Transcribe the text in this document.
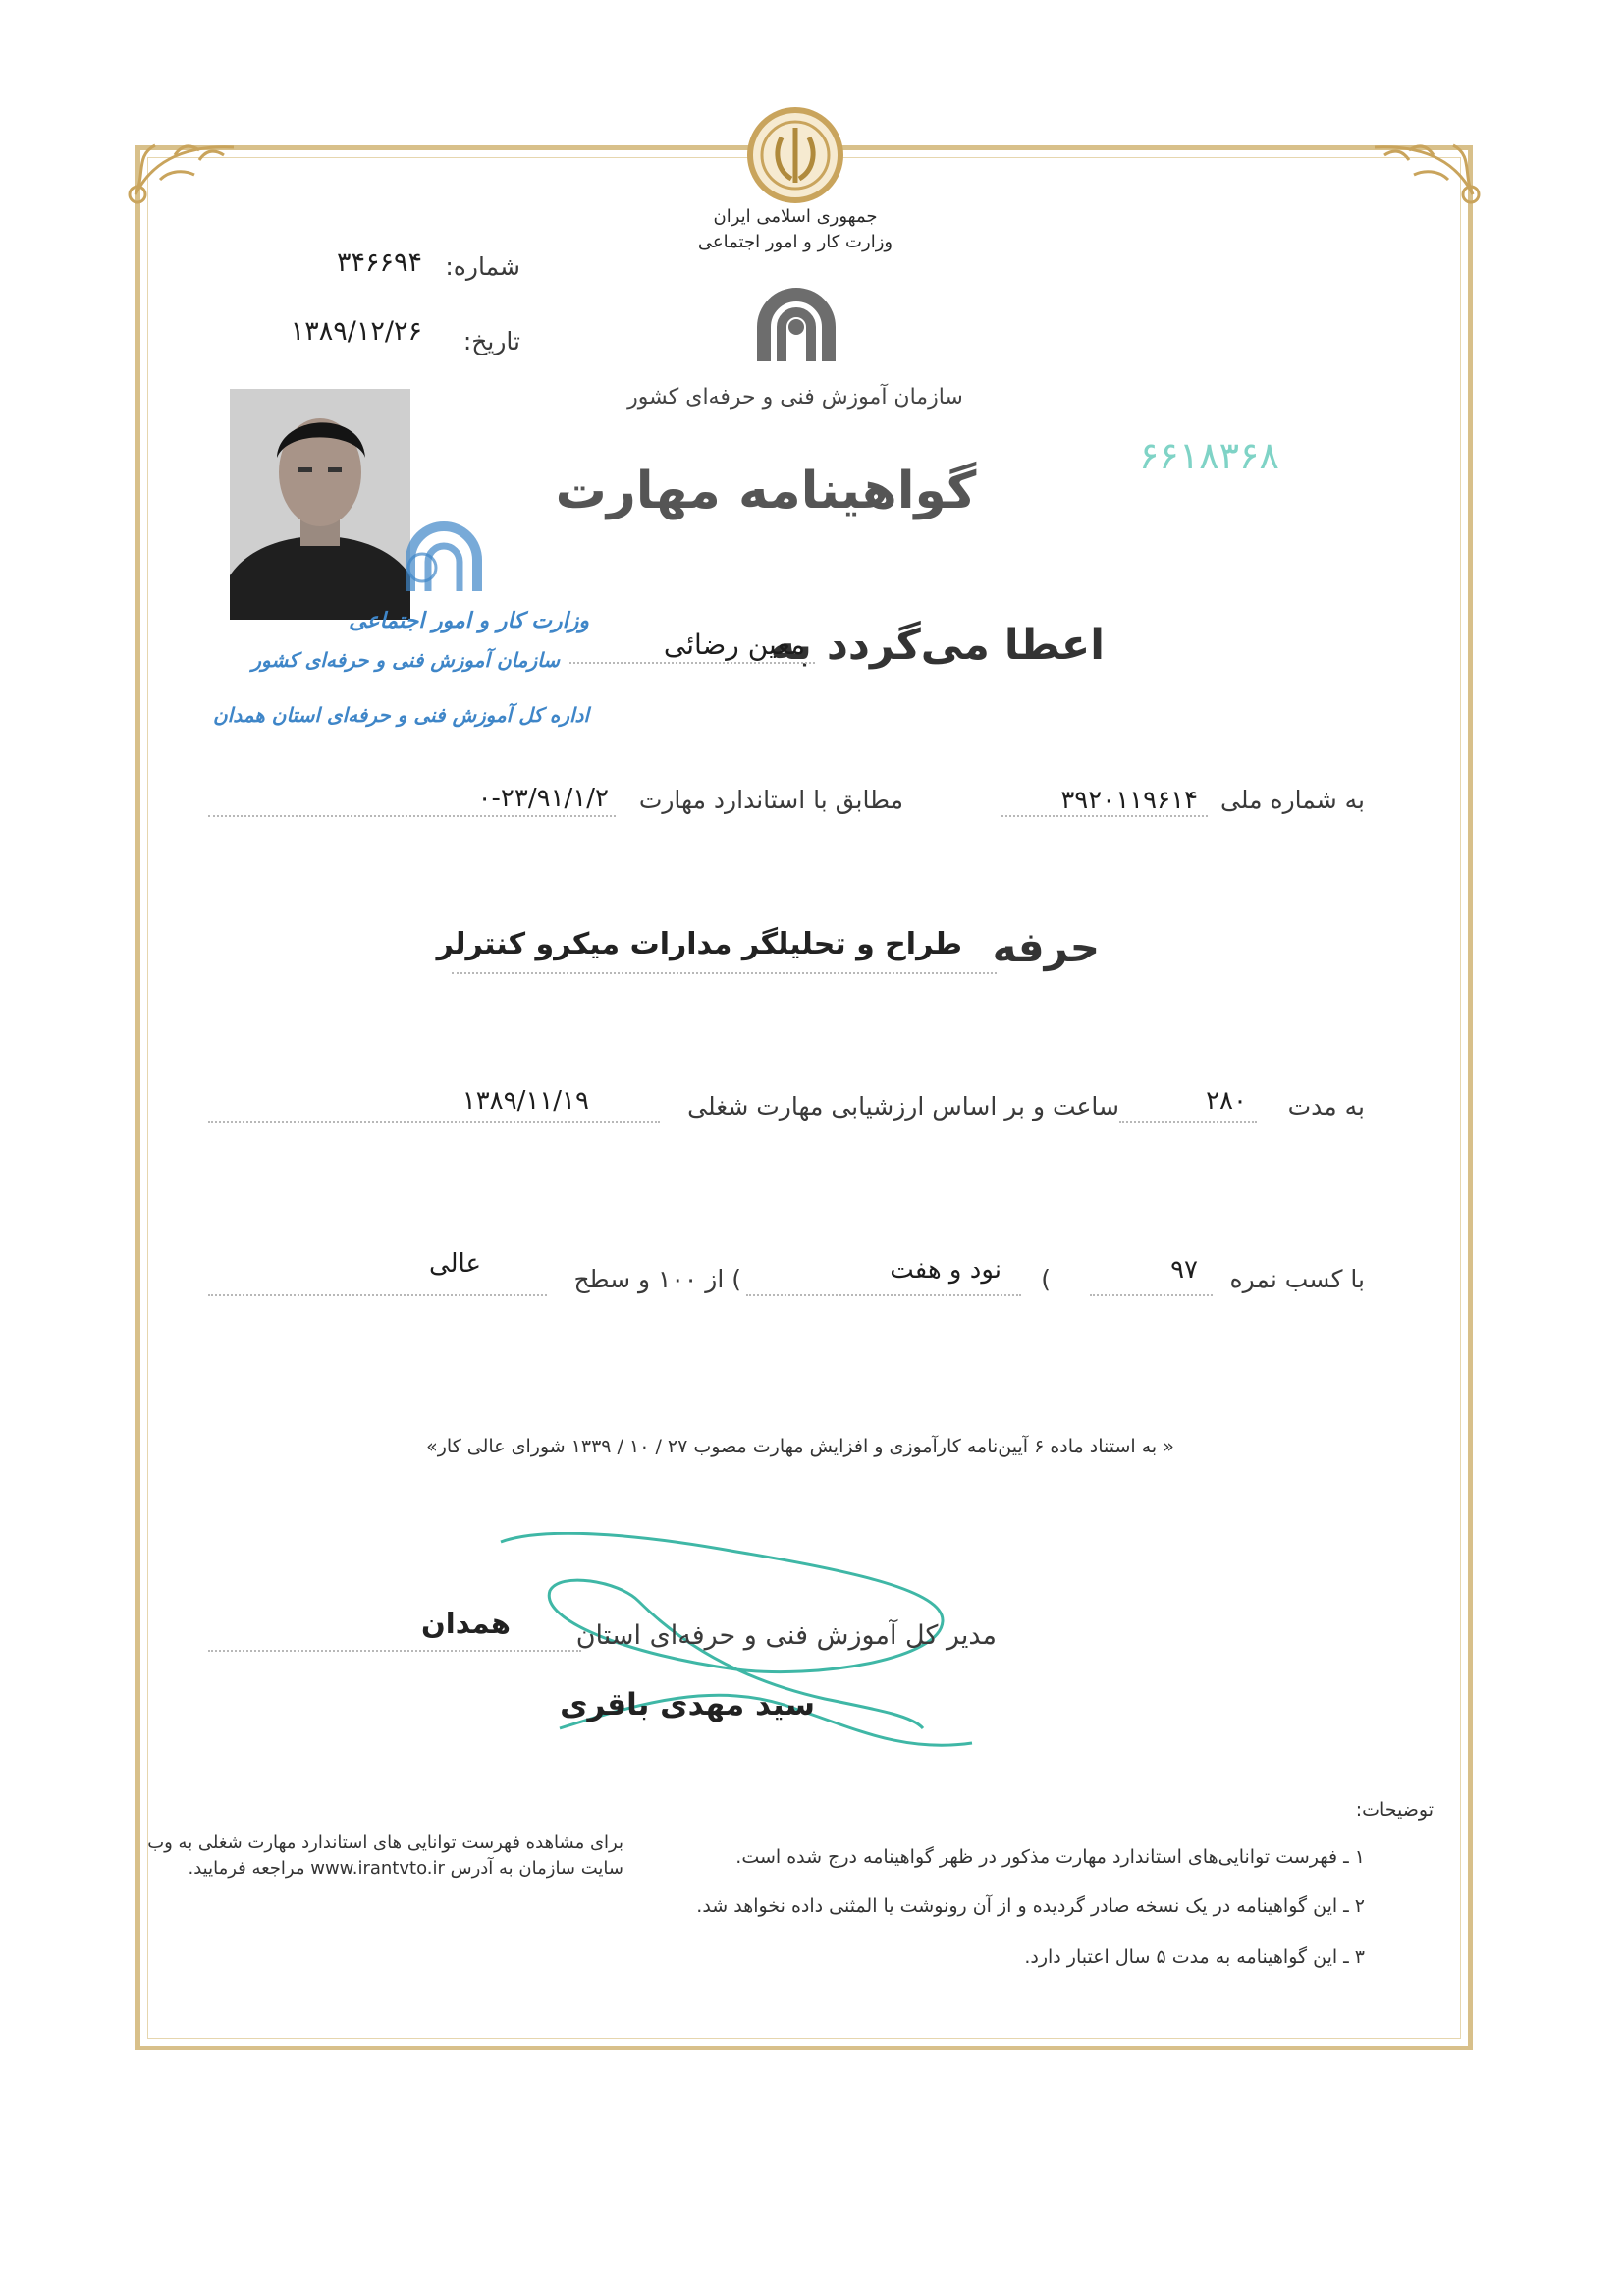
جمهوری اسلامی ایران
وزارت کار و امور اجتماعی
سازمان آموزش فنی و حرفه‌ای کشور
شماره:
۳۴۶۶۹۴
تاریخ:
۱۳۸۹/۱۲/۲۶
۶۶۱۸۳۶۸
گواهینامه مهارت
وزارت کار و امور اجتماعی
سازمان آموزش فنی و حرفه‌ای کشور
اداره کل آموزش فنی و حرفه‌ای استان همدان
اعطا می‌گردد به
معین رضائی
به شماره ملی
۳۹۲۰۱۱۹۶۱۴
مطابق با استاندارد مهارت
۰-۲۳/۹۱/۱/۲
حرفه
طراح و تحلیلگر مدارات میکرو کنترلر
به مدت
۲۸۰
ساعت و بر اساس ارزشیابی مهارت شغلی
۱۳۸۹/۱۱/۱۹
با کسب نمره
۹۷
(
نود و هفت
) از ۱۰۰ و سطح
عالی
« به استناد ماده ۶ آیین‌نامه کارآموزی و افزایش مهارت مصوب ۲۷ / ۱۰ / ۱۳۳۹ شورای عالی کار»
مدیر کل آموزش فنی و حرفه‌ای استان
همدان
سید مهدی باقری
توضیحات:
۱ ـ فهرست توانایی‌های استاندارد مهارت مذکور در ظهر گواهینامه درج شده است.
۲ ـ این گواهینامه در یک نسخه صادر گردیده و از آن رونوشت یا المثنی داده نخواهد شد.
۳ ـ این گواهینامه به مدت ۵ سال اعتبار دارد.
برای مشاهده فهرست توانایی های استاندارد مهارت شغلی به وب
سایت سازمان به آدرس www.irantvto.ir مراجعه فرمایید.
